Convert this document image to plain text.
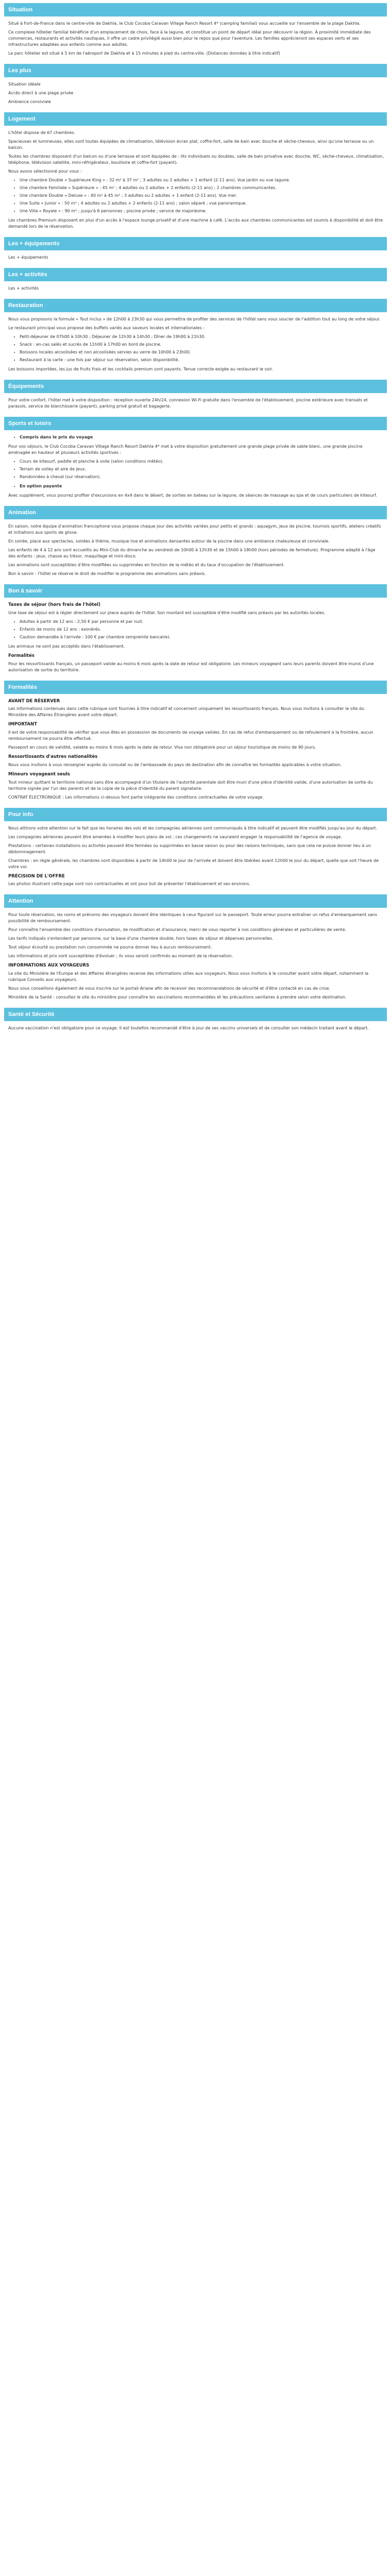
Situation

Situé à Fort-de-France dans le centre-ville de Dakhla, le Club Cocoba Caravan Village Ranch Resort 4* (camping familial) vous accueille sur l'ensemble de la plage Dakhla.

Ce complexe hôtelier familial bénéficie d'un emplacement de choix, face à la lagune, et constitue un point de départ idéal pour découvrir la région. À proximité immédiate des commerces, restaurants et activités nautiques, il offre un cadre privilégié aussi bien pour le repos que pour l'aventure. Les familles apprécieront ses espaces verts et ses infrastructures adaptées aux enfants comme aux adultes.

Le parc hôtelier est situé à 5 km de l'aéroport de Dakhla et à 15 minutes à pied du centre-ville. (Distances données à titre indicatif)

Les plus

Situation idéale

Accès direct à une plage privée

Ambiance conviviale

Logement

L'hôtel dispose de 67 chambres.

Spacieuses et lumineuses, elles sont toutes équipées de climatisation, télévision écran plat, coffre-fort, salle de bain avec douche et sèche-cheveux, ainsi qu'une terrasse ou un balcon.

Toutes les chambres disposent d'un balcon ou d'une terrasse et sont équipées de : lits individuels ou doubles, salle de bain privative avec douche, WC, sèche-cheveux, climatisation, téléphone, télévision satellite, mini-réfrigérateur, bouilloire et coffre-fort (payant).

Nous avons sélectionné pour vous :

• Une chambre Double « Supérieure King » : 32 m² à 37 m² ; 3 adultes ou 2 adultes + 1 enfant (2-11 ans). Vue jardin ou vue lagune.
• Une chambre Familiale « Supérieure » : 45 m² ; 4 adultes ou 2 adultes + 2 enfants (2-11 ans) ; 2 chambres communicantes.
• Une chambre Double « Deluxe » : 40 m² à 45 m² ; 3 adultes ou 2 adultes + 1 enfant (2-11 ans). Vue mer.
• Une Suite « Junior » : 50 m² ; 4 adultes ou 2 adultes + 2 enfants (2-11 ans) ; salon séparé ; vue panoramique.
• Une Villa « Royale » : 90 m² ; jusqu'à 6 personnes ; piscine privée ; service de majordome.

Les chambres Premium disposent en plus d'un accès à l'espace lounge privatif et d'une machine à café. L'accès aux chambres communicantes est soumis à disponibilité et doit être demandé lors de la réservation.

Les + équipements

Les + équipements

Les + activités

Les + activités

Restauration

Nous vous proposons la formule « Tout inclus » de 12h00 à 23h30 qui vous permettra de profiter des services de l'hôtel sans vous soucier de l'addition tout au long de votre séjour.

Le restaurant principal vous propose des buffets variés aux saveurs locales et internationales :

• Petit-déjeuner de 07h00 à 10h30 ; Déjeuner de 12h30 à 14h30 ; Dîner de 19h00 à 21h30.
• Snack : en-cas salés et sucrés de 11h00 à 17h00 en bord de piscine.
• Boissons locales alcoolisées et non alcoolisées servies au verre de 10h00 à 23h00.
• Restaurant à la carte : une fois par séjour sur réservation, selon disponibilité.

Les boissons importées, les jus de fruits frais et les cocktails premium sont payants. Tenue correcte exigée au restaurant le soir.

Équipements

Pour votre confort, l'hôtel met à votre disposition : réception ouverte 24h/24, connexion Wi-Fi gratuite dans l'ensemble de l'établissement, piscine extérieure avec transats et parasols, service de blanchisserie (payant), parking privé gratuit et bagagerie.

Sports et loisirs
• Compris dans le prix du voyage

Pour vos séjours, le Club Cocoba Caravan Village Ranch Resort Dakhla 4* met à votre disposition gratuitement une grande plage privée de sable blanc, une grande piscine aménagée en hauteur et plusieurs activités sportives :

• Cours de kitesurf, paddle et planche à voile (selon conditions météo).
• Terrain de volley et aire de jeux.
• Randonnées à cheval (sur réservation).
• En option payante

Avec supplément, vous pourrez profiter d'excursions en 4x4 dans le désert, de sorties en bateau sur la lagune, de séances de massage au spa et de cours particuliers de kitesurf.

Animation

En saison, notre équipe d'animation francophone vous propose chaque jour des activités variées pour petits et grands : aquagym, jeux de piscine, tournois sportifs, ateliers créatifs et initiations aux sports de glisse.

En soirée, place aux spectacles, soirées à thème, musique live et animations dansantes autour de la piscine dans une ambiance chaleureuse et conviviale.

Les enfants de 4 à 12 ans sont accueillis au Mini-Club du dimanche au vendredi de 10h00 à 12h30 et de 15h00 à 18h00 (hors périodes de fermeture). Programme adapté à l'âge des enfants : jeux, chasse au trésor, maquillage et mini-disco.

Les animations sont susceptibles d'être modifiées ou supprimées en fonction de la météo et du taux d'occupation de l'établissement.

Bon à savoir : l'hôtel se réserve le droit de modifier le programme des animations sans préavis.

Bon à savoir
Taxes de séjour (hors frais de l'hôtel)

Une taxe de séjour est à régler directement sur place auprès de l'hôtel. Son montant est susceptible d'être modifié sans préavis par les autorités locales.

• Adultes à partir de 12 ans : 2,50 € par personne et par nuit.
• Enfants de moins de 12 ans : exonérés.
• Caution demandée à l'arrivée : 100 € par chambre (empreinte bancaire).

Les animaux ne sont pas acceptés dans l'établissement.

Formalités

Pour les ressortissants français, un passeport valide au moins 6 mois après la date de retour est obligatoire. Les mineurs voyageant sans leurs parents doivent être munis d'une autorisation de sortie du territoire.

Formalités
AVANT DE RÉSERVER

Les informations contenues dans cette rubrique sont fournies à titre indicatif et concernent uniquement les ressortissants français. Nous vous invitons à consulter le site du Ministère des Affaires Étrangères avant votre départ.

IMPORTANT

Il est de votre responsabilité de vérifier que vous êtes en possession de documents de voyage valides. En cas de refus d'embarquement ou de refoulement à la frontière, aucun remboursement ne pourra être effectué.

Passeport en cours de validité, valable au moins 6 mois après la date de retour. Visa non obligatoire pour un séjour touristique de moins de 90 jours.

Ressortissants d'autres nationalités

Nous vous invitons à vous renseigner auprès du consulat ou de l'ambassade du pays de destination afin de connaître les formalités applicables à votre situation.

Mineurs voyageant seuls

Tout mineur quittant le territoire national sans être accompagné d'un titulaire de l'autorité parentale doit être muni d'une pièce d'identité valide, d'une autorisation de sortie du territoire signée par l'un des parents et de la copie de la pièce d'identité du parent signataire.

CONTRAT ÉLECTRONIQUE : Les informations ci-dessus font partie intégrante des conditions contractuelles de votre voyage.

Pour info

Nous attirons votre attention sur le fait que les horaires des vols et les compagnies aériennes sont communiqués à titre indicatif et peuvent être modifiés jusqu'au jour du départ.

Les compagnies aériennes peuvent être amenées à modifier leurs plans de vol ; ces changements ne sauraient engager la responsabilité de l'agence de voyage.

Prestations : certaines installations ou activités peuvent être fermées ou supprimées en basse saison ou pour des raisons techniques, sans que cela ne puisse donner lieu à un dédommagement.

Chambres : en règle générale, les chambres sont disponibles à partir de 14h00 le jour de l'arrivée et doivent être libérées avant 12h00 le jour du départ, quelle que soit l'heure de votre vol.

PRÉCISION DE L'OFFRE

Les photos illustrant cette page sont non contractuelles et ont pour but de présenter l'établissement et ses environs.

Attention

Pour toute réservation, les noms et prénoms des voyageurs doivent être identiques à ceux figurant sur le passeport. Toute erreur pourra entraîner un refus d'embarquement sans possibilité de remboursement.

Pour connaître l'ensemble des conditions d'annulation, de modification et d'assurance, merci de vous reporter à nos conditions générales et particulières de vente.

Les tarifs indiqués s'entendent par personne, sur la base d'une chambre double, hors taxes de séjour et dépenses personnelles.

Tout séjour écourté ou prestation non consommée ne pourra donner lieu à aucun remboursement.

Les informations et prix sont susceptibles d'évoluer ; ils vous seront confirmés au moment de la réservation.

INFORMATIONS AUX VOYAGEURS

Le site du Ministère de l'Europe et des Affaires étrangères recense des informations utiles aux voyageurs. Nous vous invitons à le consulter avant votre départ, notamment la rubrique Conseils aux voyageurs.

Nous vous conseillons également de vous inscrire sur le portail Ariane afin de recevoir des recommandations de sécurité et d'être contacté en cas de crise.

Ministère de la Santé : consultez le site du ministère pour connaître les vaccinations recommandées et les précautions sanitaires à prendre selon votre destination.

Santé et Sécurité

Aucune vaccination n'est obligatoire pour ce voyage. Il est toutefois recommandé d'être à jour de ses vaccins universels et de consulter son médecin traitant avant le départ.
